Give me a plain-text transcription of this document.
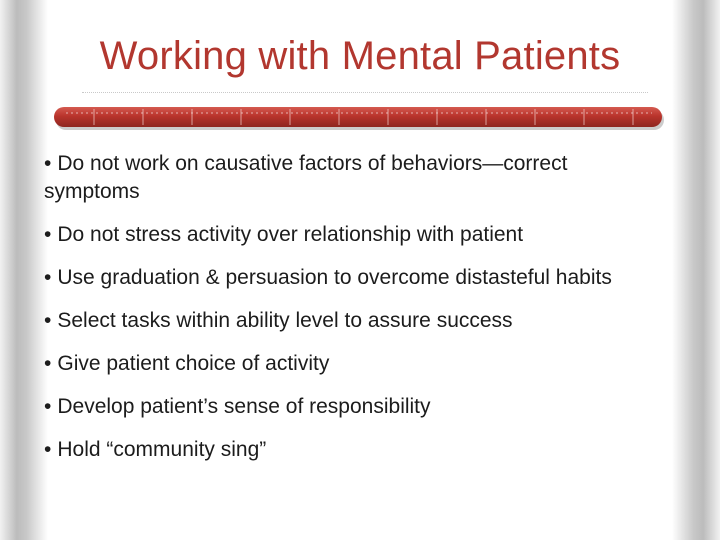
Working with Mental Patients

• Do not work on causative factors of behaviors—correct symptoms

• Do not stress activity over relationship with patient

• Use graduation & persuasion to overcome distasteful habits

• Select tasks within ability level to assure success

• Give patient choice of activity

• Develop patient’s sense of responsibility

• Hold “community sing”
